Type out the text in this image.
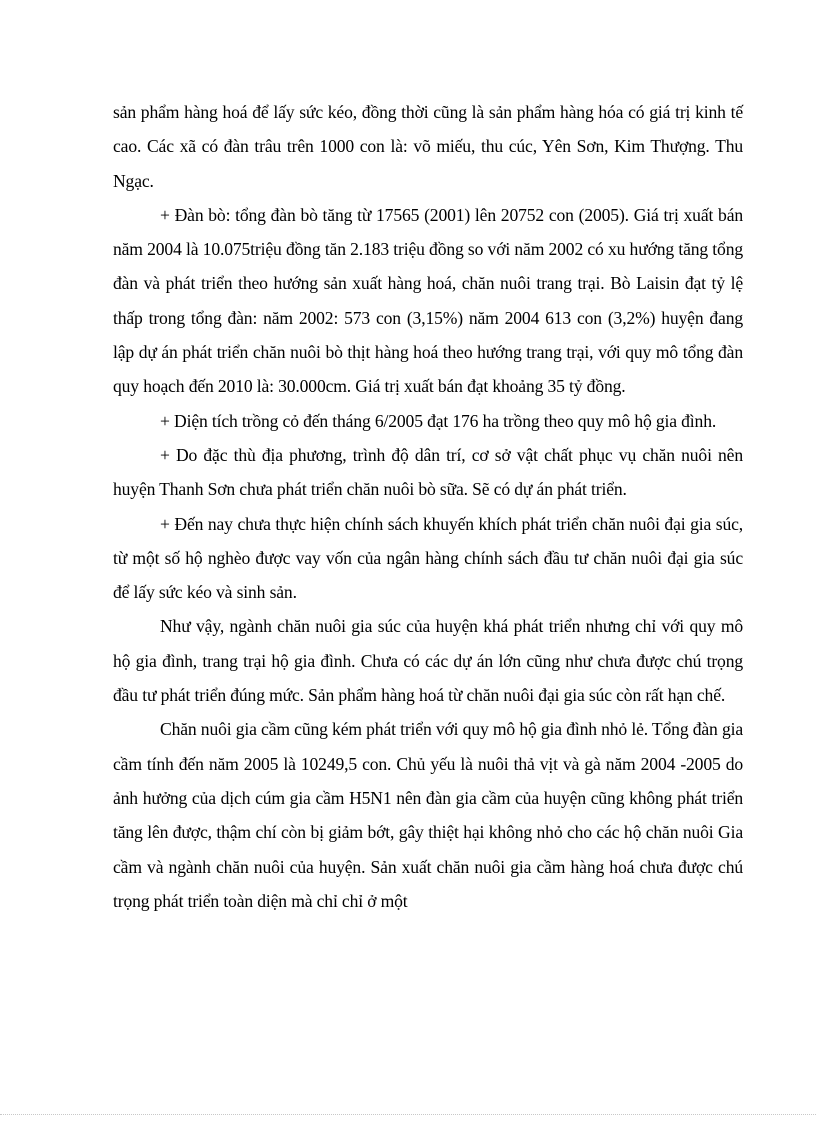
sản phẩm hàng hoá để lấy sức kéo, đồng thời cũng là sản phẩm hàng hóa có giá trị kinh tế cao. Các xã có đàn trâu trên 1000 con là: võ miếu, thu cúc, Yên Sơn, Kim Thượng. Thu Ngạc.

+ Đàn bò: tổng đàn bò tăng từ 17565 (2001) lên 20752 con (2005). Giá trị xuất bán năm 2004 là 10.075triệu đồng tăn 2.183 triệu đồng so với năm 2002 có xu hướng tăng tổng đàn và phát triển theo hướng sản xuất hàng hoá, chăn nuôi trang trại. Bò Laisin đạt tỷ lệ thấp trong tổng đàn: năm 2002: 573 con (3,15%) năm 2004 613 con (3,2%) huyện đang lập dự án phát triển chăn nuôi bò thịt hàng hoá theo hướng trang trại, với quy mô tổng đàn quy hoạch đến 2010 là: 30.000cm. Giá trị xuất bán đạt khoảng 35 tỷ đồng.

+ Diện tích trồng cỏ đến tháng 6/2005 đạt 176 ha trồng theo quy mô hộ gia đình.

+ Do đặc thù địa phương, trình độ dân trí, cơ sở vật chất phục vụ chăn nuôi nên huyện Thanh Sơn chưa phát triển chăn nuôi bò sữa. Sẽ có dự án phát triển.

+ Đến nay chưa thực hiện chính sách khuyến khích phát triển chăn nuôi đại gia súc, từ một số hộ nghèo được vay vốn của ngân hàng chính sách đầu tư chăn nuôi đại gia súc để lấy sức kéo và sinh sản.

Như vậy, ngành chăn nuôi gia súc của huyện khá phát triển nhưng chỉ với quy mô hộ gia đình, trang trại hộ gia đình. Chưa có các dự án lớn cũng như chưa được chú trọng đầu tư phát triển đúng mức. Sản phẩm hàng hoá từ chăn nuôi đại gia súc còn rất hạn chế.

Chăn nuôi gia cầm cũng kém phát triển với quy mô hộ gia đình nhỏ lẻ. Tổng đàn gia cầm tính đến năm 2005 là 10249,5 con. Chủ yếu là nuôi thả vịt và gà năm 2004 -2005 do ảnh hưởng của dịch cúm gia cầm H5N1 nên đàn gia cầm của huyện cũng không phát triển tăng lên được, thậm chí còn bị giảm bớt, gây thiệt hại không nhỏ cho các hộ chăn nuôi Gia cầm và ngành chăn nuôi của huyện. Sản xuất chăn nuôi gia cầm hàng hoá chưa được chú trọng phát triển toàn diện mà chỉ chỉ ở một
